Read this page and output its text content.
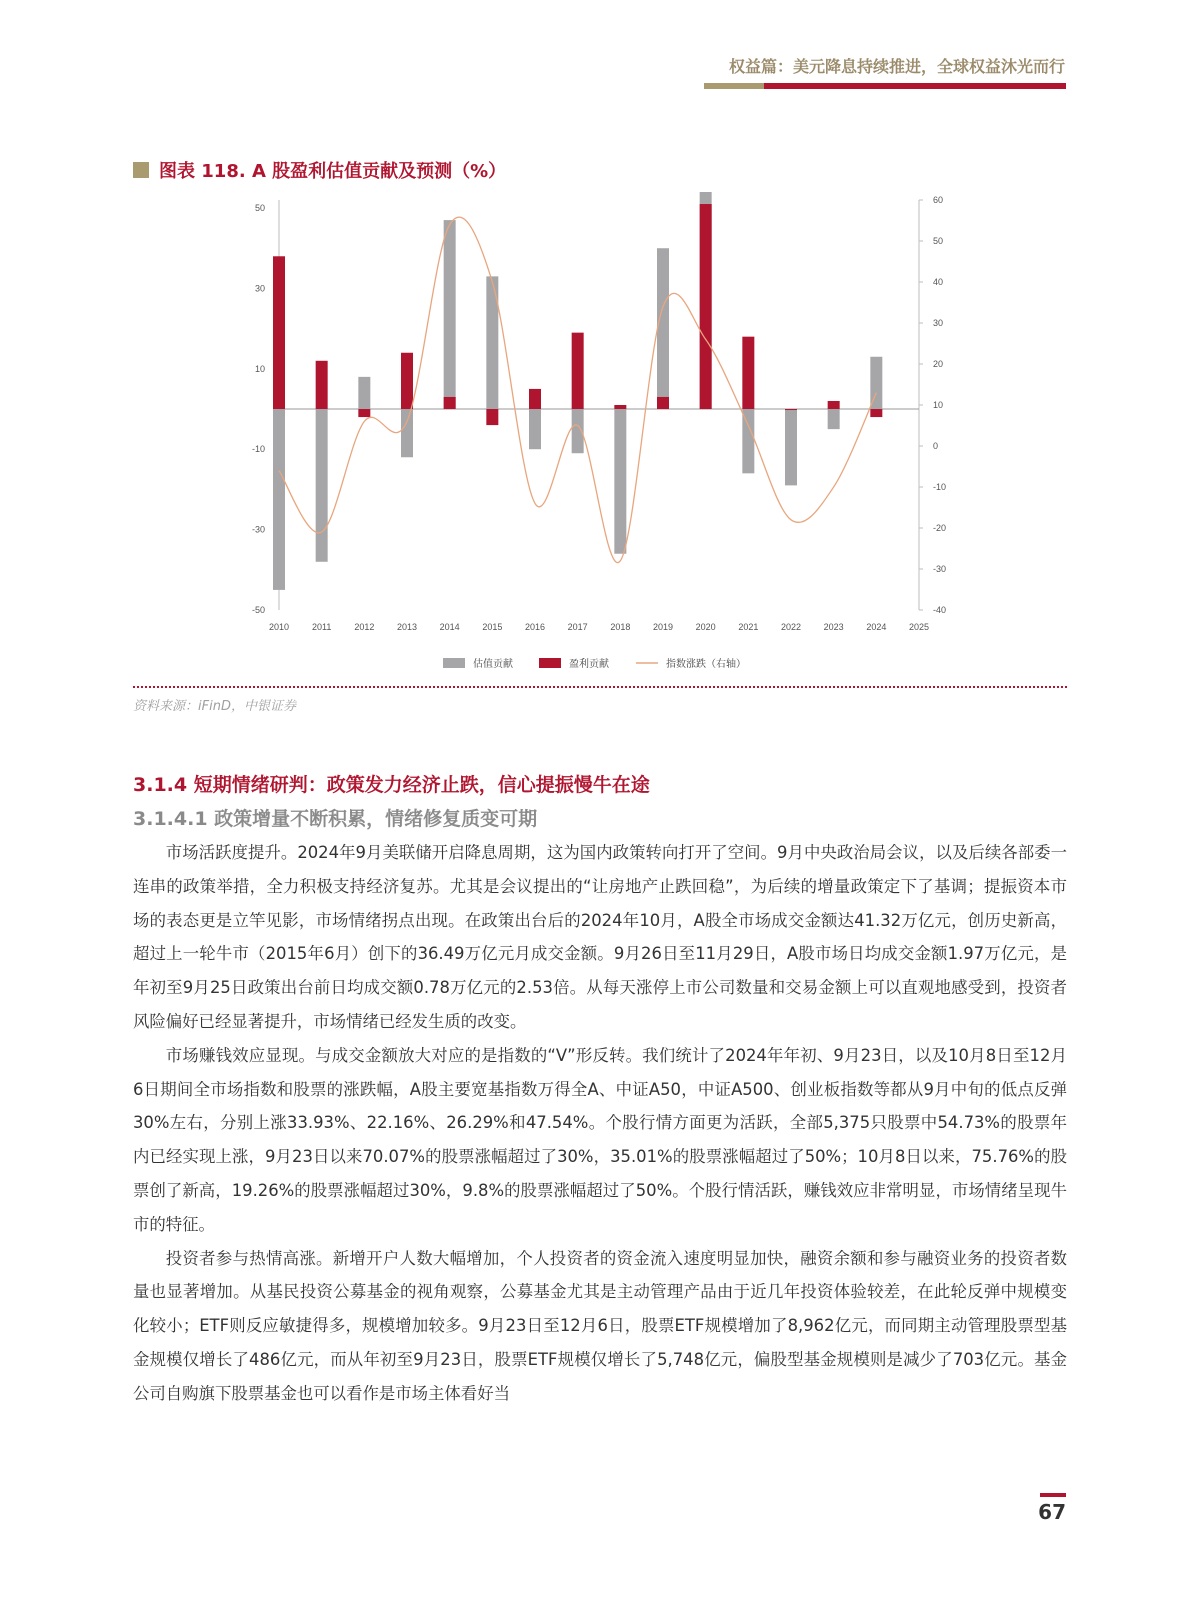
权益篇：美元降息持续推进，全球权益沐光而行
图表 118. A 股盈利估值贡献及预测（%）
50
30
10
-10
-30
-50
60
50
40
30
20
10
0
-10
-20
-30
-40
2010	2011	2012	2013	2014	2015	2016	2017	2018	2019	2020	2021	2022	2023	2024	2025
估值贡献	盈利贡献	指数涨跌（右轴）
资料来源：iFinD，中银证券
3.1.4 短期情绪研判：政策发力经济止跌，信心提振慢牛在途
3.1.4.1 政策增量不断积累，情绪修复质变可期

市场活跃度提升。2024年9月美联储开启降息周期，这为国内政策转向打开了空间。9月中央政治局会议，以及后续各部委一连串的政策举措，全力积极支持经济复苏。尤其是会议提出的“让房地产止跌回稳”，为后续的增量政策定下了基调；提振资本市场的表态更是立竿见影，市场情绪拐点出现。在政策出台后的2024年10月，A股全市场成交金额达41.32万亿元，创历史新高，超过上一轮牛市（2015年6月）创下的36.49万亿元月成交金额。9月26日至11月29日，A股市场日均成交金额1.97万亿元，是年初至9月25日政策出台前日均成交额0.78万亿元的2.53倍。从每天涨停上市公司数量和交易金额上可以直观地感受到，投资者风险偏好已经显著提升，市场情绪已经发生质的改变。

市场赚钱效应显现。与成交金额放大对应的是指数的“V”形反转。我们统计了2024年年初、9月23日，以及10月8日至12月6日期间全市场指数和股票的涨跌幅，A股主要宽基指数万得全A、中证A50，中证A500、创业板指数等都从9月中旬的低点反弹30%左右，分别上涨33.93%、22.16%、26.29%和47.54%。个股行情方面更为活跃，全部5,375只股票中54.73%的股票年内已经实现上涨，9月23日以来70.07%的股票涨幅超过了30%，35.01%的股票涨幅超过了50%；10月8日以来，75.76%的股票创了新高，19.26%的股票涨幅超过30%，9.8%的股票涨幅超过了50%。个股行情活跃，赚钱效应非常明显，市场情绪呈现牛市的特征。

投资者参与热情高涨。新增开户人数大幅增加，个人投资者的资金流入速度明显加快，融资余额和参与融资业务的投资者数量也显著增加。从基民投资公募基金的视角观察，公募基金尤其是主动管理产品由于近几年投资体验较差，在此轮反弹中规模变化较小；ETF则反应敏捷得多，规模增加较多。9月23日至12月6日，股票ETF规模增加了8,962亿元，而同期主动管理股票型基金规模仅增长了486亿元，而从年初至9月23日，股票ETF规模仅增长了5,748亿元，偏股型基金规模则是减少了703亿元。基金公司自购旗下股票基金也可以看作是市场主体看好当

67
